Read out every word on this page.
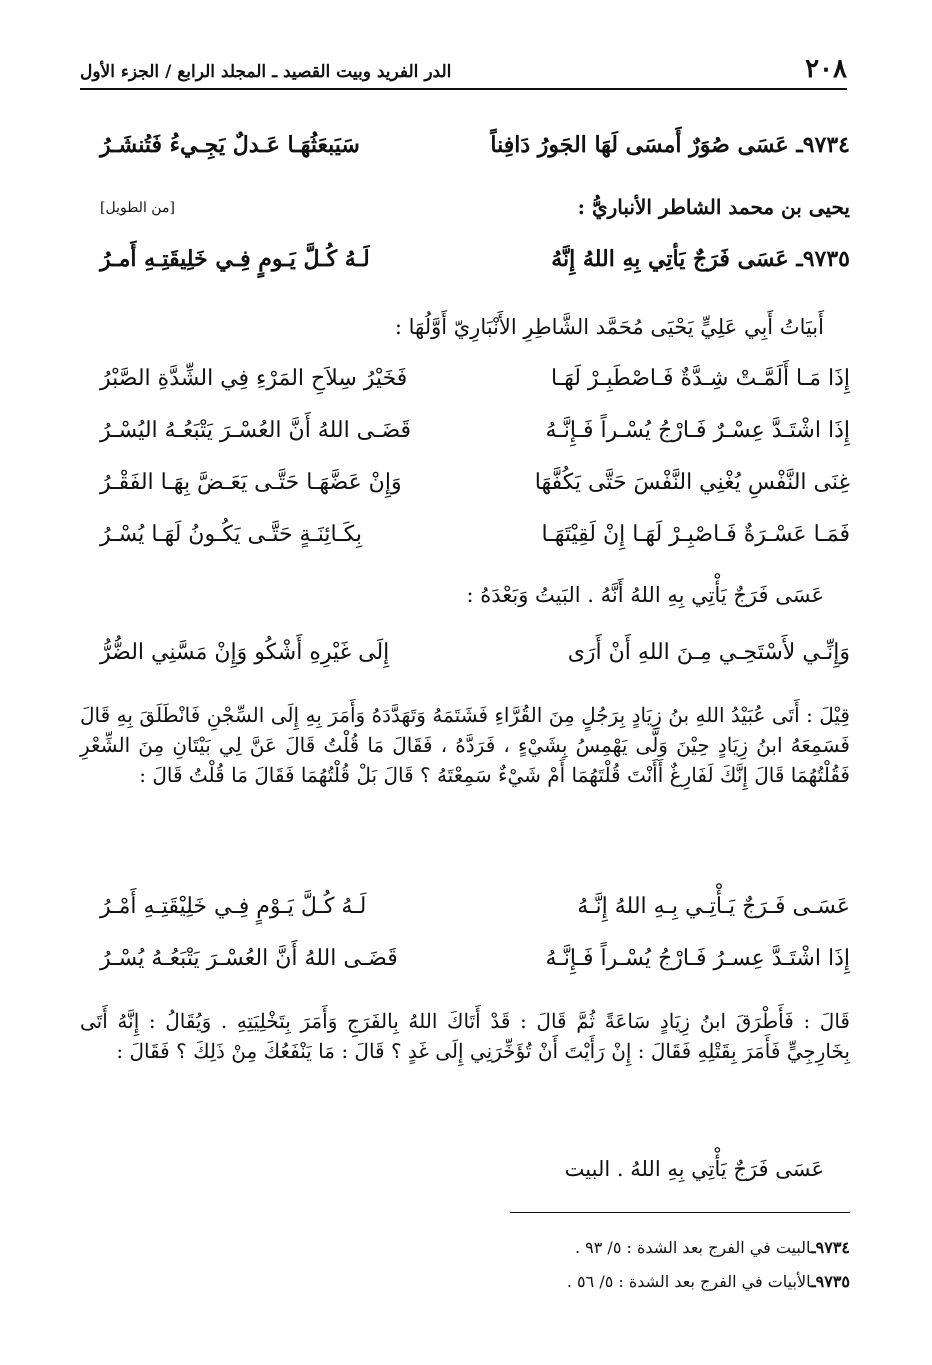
٢٠٨
الدر الفريد وبيت القصيد ـ المجلد الرابع / الجزء الأول
٩٧٣٤ـ عَسَى صُوَرٌ أَمسَى لَهَا الجَورُ دَافِناً
سَيَبعَثُهَـا عَـدلٌ يَجِـيءُ فَتُنشَـرُ
يحيى بن محمد الشاطر الأنباريُّ :
[من الطويل]
٩٧٣٥ـ عَسَى فَرَجٌ يَأتِي بِهِ اللهُ إِنَّهُ
لَـهُ كُـلَّ يَـومٍ فِـي خَلِيقَتِـهِ أَمـرُ
أَبيَاتُ أَبِي عَلِيٍّ يَحْيَى مُحَمَّد الشَّاطِرِ الأَنْبَارِيّ أَوَّلُهَا :
إِذَا مَـا أَلَمَّـتْ شِـدَّةٌ فَـاصْطَبِـرْ لَهَـا
فَخَيْرُ سِلاَحِ المَرْءِ فِي الشِّدَّةِ الصَّبْرُ
إِذَا اشْتَـدَّ عِسْـرٌ فَـارْجُ يُسْـراً فَـإِنَّـهُ
قَضَـى اللهُ أَنَّ العُسْـرَ يَتْبَعُـهُ اليُسْـرُ
غِنَى النَّفْسِ يُغْنِي النَّفْسَ حَتَّى يَكُفَّهَا
وَإِنْ عَضَّهَـا حَتَّـى يَعَـضَّ بِهَـا الفَقْـرُ
فَمَـا عَسْـرَةٌ فَـاصْبِـرْ لَهَـا إِنْ لَقِيْتَهَـا
بِكَـائِنَـةٍ حَتَّـى يَكُـونُ لَهَـا يُسْـرُ
عَسَى فَرَجٌ يَأْتِي بِهِ اللهُ أَنَّهُ . البَيتُ وَبَعْدَهُ :
وَإِنِّـي لأَسْتَحِـي مِـنَ اللهِ أَنْ أَرَى
إِلَى غَيْرِهِ أَشْكُو وَإِنْ مَسَّنِي الضُّرُّ
قِيْلَ : أَتَى عُبَيْدُ اللهِ بنُ زِيَادٍ بِرَجُلٍ مِنَ القُرَّاءِ فَشَتَمَهُ وَتَهَدَّدَهُ وَأَمَرَ بِهِ إِلَى السِّجْنِ فَانْطَلَقَ بِهِ قَالَ فَسَمِعَهُ ابنُ زِيَادٍ حِيْنَ وَلَّى يَهْمِسُ بِشَيْءٍ ، فَرَدَّهُ ، فَقَالَ مَا قُلْتُ قَالَ عَنَّ لِي بَيْتَانِ مِنَ الشِّعْرِ فَقُلْتُهُمَا قَالَ إِنَّكَ لَفَارِغٌ أَأَنْتَ قُلْتَهُمَا أَمْ شَيْءٌ سَمِعْتَهُ ؟ قَالَ بَلْ قُلْتُهُمَا فَقَالَ مَا قُلْتُ قَالَ :
عَسَـى فَـرَجٌ يَـأْتِـي بِـهِ اللهُ إِنَّـهُ
لَـهُ كُـلَّ يَـوْمٍ فِـي خَلِيْقَتِـهِ أَمْـرُ
إِذَا اشْتَـدَّ عِسـرُ فَـارْجُ يُسْـراً فَـإِنَّـهُ
قَضَـى اللهُ أَنَّ العُسْـرَ يَتْبَعُـهُ يُسْـرُ
قَالَ : فَأَطْرَقَ ابنُ زِيَادٍ سَاعَةً ثُمَّ قَالَ : قَدْ أَتَاكَ اللهُ بِالفَرَجِ وَأَمَرَ بِتَخْلِيَتِهِ . وَيُقَالُ : إِنَّهُ أَتَى بِخَارِجِيٍّ فَأَمَرَ بِقَتْلِهِ فَقَالَ : إِنْ رَأَيْتَ أَنْ تُؤَخِّرَنِي إِلَى غَدٍ ؟ قَالَ : مَا يَنْفَعُكَ مِنْ ذَلِكَ ؟ فَقَالَ :
عَسَى فَرَجٌ يَأْتِي بِهِ اللهُ . البيت
٩٧٣٤ـالبيت في الفرج بعد الشدة : ٥/ ٩٣ .
٩٧٣٥ـالأبيات في الفرج بعد الشدة : ٥/ ٥٦ .
